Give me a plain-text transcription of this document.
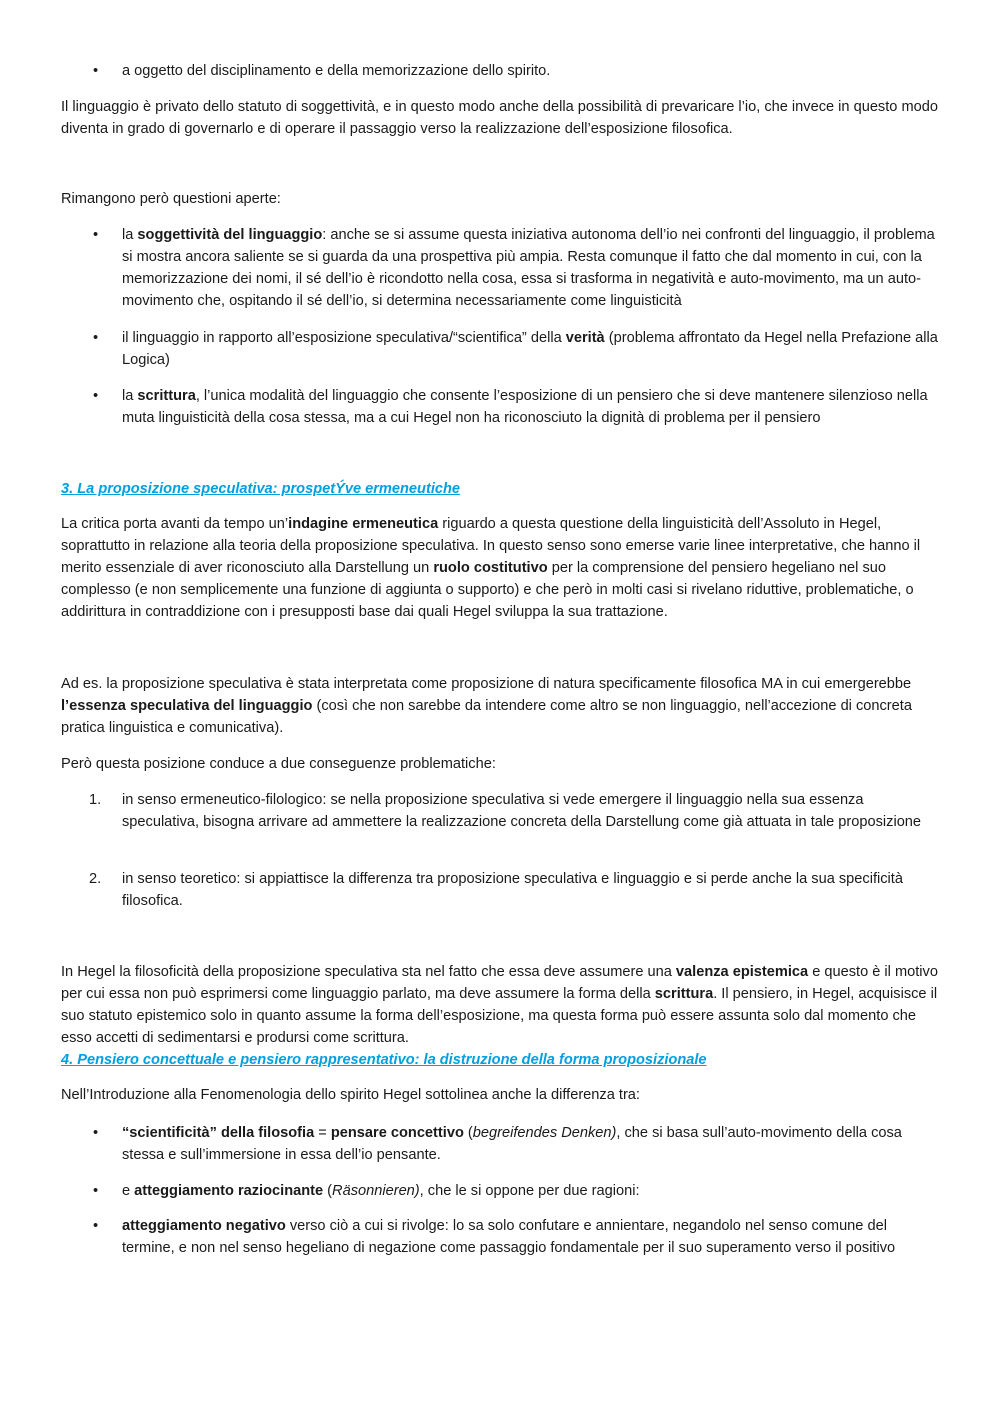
•	a oggetto del disciplinamento e della memorizzazione dello spirito.

Il linguaggio è privato dello statuto di soggettività, e in questo modo anche della possibilità di prevaricare l’io, che invece in questo modo diventa in grado di governarlo e di operare il passaggio verso la realizzazione dell’esposizione filosofica.

Rimangono però questioni aperte:

•	la soggettività del linguaggio: anche se si assume questa iniziativa autonoma dell’io nei confronti del linguaggio, il problema si mostra ancora saliente se si guarda da una prospettiva più ampia. Resta comunque il fatto che dal momento in cui, con la memorizzazione dei nomi, il sé dell’io è ricondotto nella cosa, essa si trasforma in negatività e auto-movimento, ma un auto-movimento che, ospitando il sé dell’io, si determina necessariamente come linguisticità

•	il linguaggio in rapporto all’esposizione speculativa/“scientifica” della verità (problema affrontato da Hegel nella Prefazione alla Logica)

•	la scrittura, l’unica modalità del linguaggio che consente l’esposizione di un pensiero che si deve mantenere silenzioso nella muta linguisticità della cosa stessa, ma a cui Hegel non ha riconosciuto la dignità di problema per il pensiero

3. La proposizione speculativa: prospetÝve ermeneutiche

La critica porta avanti da tempo un’indagine ermeneutica riguardo a questa questione della linguisticità dell’Assoluto in Hegel, soprattutto in relazione alla teoria della proposizione speculativa. In questo senso sono emerse varie linee interpretative, che hanno il merito essenziale di aver riconosciuto alla Darstellung un ruolo costitutivo per la comprensione del pensiero hegeliano nel suo complesso (e non semplicemente una funzione di aggiunta o supporto) e che però in molti casi si rivelano riduttive, problematiche, o addirittura in contraddizione con i presupposti base dai quali Hegel sviluppa la sua trattazione.

Ad es. la proposizione speculativa è stata interpretata come proposizione di natura specificamente filosofica MA in cui emergerebbe l’essenza speculativa del linguaggio (così che non sarebbe da intendere come altro se non linguaggio, nell’accezione di concreta pratica linguistica e comunicativa).

Però questa posizione conduce a due conseguenze problematiche:

1. in senso ermeneutico-filologico: se nella proposizione speculativa si vede emergere il linguaggio nella sua essenza speculativa, bisogna arrivare ad ammettere la realizzazione concreta della Darstellung come già attuata in tale proposizione

2. in senso teoretico: si appiattisce la differenza tra proposizione speculativa e linguaggio e si perde anche la sua specificità filosofica.

In Hegel la filosoficità della proposizione speculativa sta nel fatto che essa deve assumere una valenza epistemica e questo è il motivo per cui essa non può esprimersi come linguaggio parlato, ma deve assumere la forma della scrittura. Il pensiero, in Hegel, acquisisce il suo statuto epistemico solo in quanto assume la forma dell’esposizione, ma questa forma può essere assunta solo dal momento che esso accetti di sedimentarsi e prodursi come scrittura.

4. Pensiero concettuale e pensiero rappresentativo: la distruzione della forma proposizionale

Nell’Introduzione alla Fenomenologia dello spirito Hegel sottolinea anche la differenza tra:

•	“scientificità” della filosofia = pensare concettivo (begreifendes Denken), che si basa sull’auto-movimento della cosa stessa e sull’immersione in essa dell’io pensante.

•	e atteggiamento raziocinante (Räsonnieren), che le si oppone per due ragioni:

•	atteggiamento negativo verso ciò a cui si rivolge: lo sa solo confutare e annientare, negandolo nel senso comune del termine, e non nel senso hegeliano di negazione come passaggio fondamentale per il suo superamento verso il positivo
